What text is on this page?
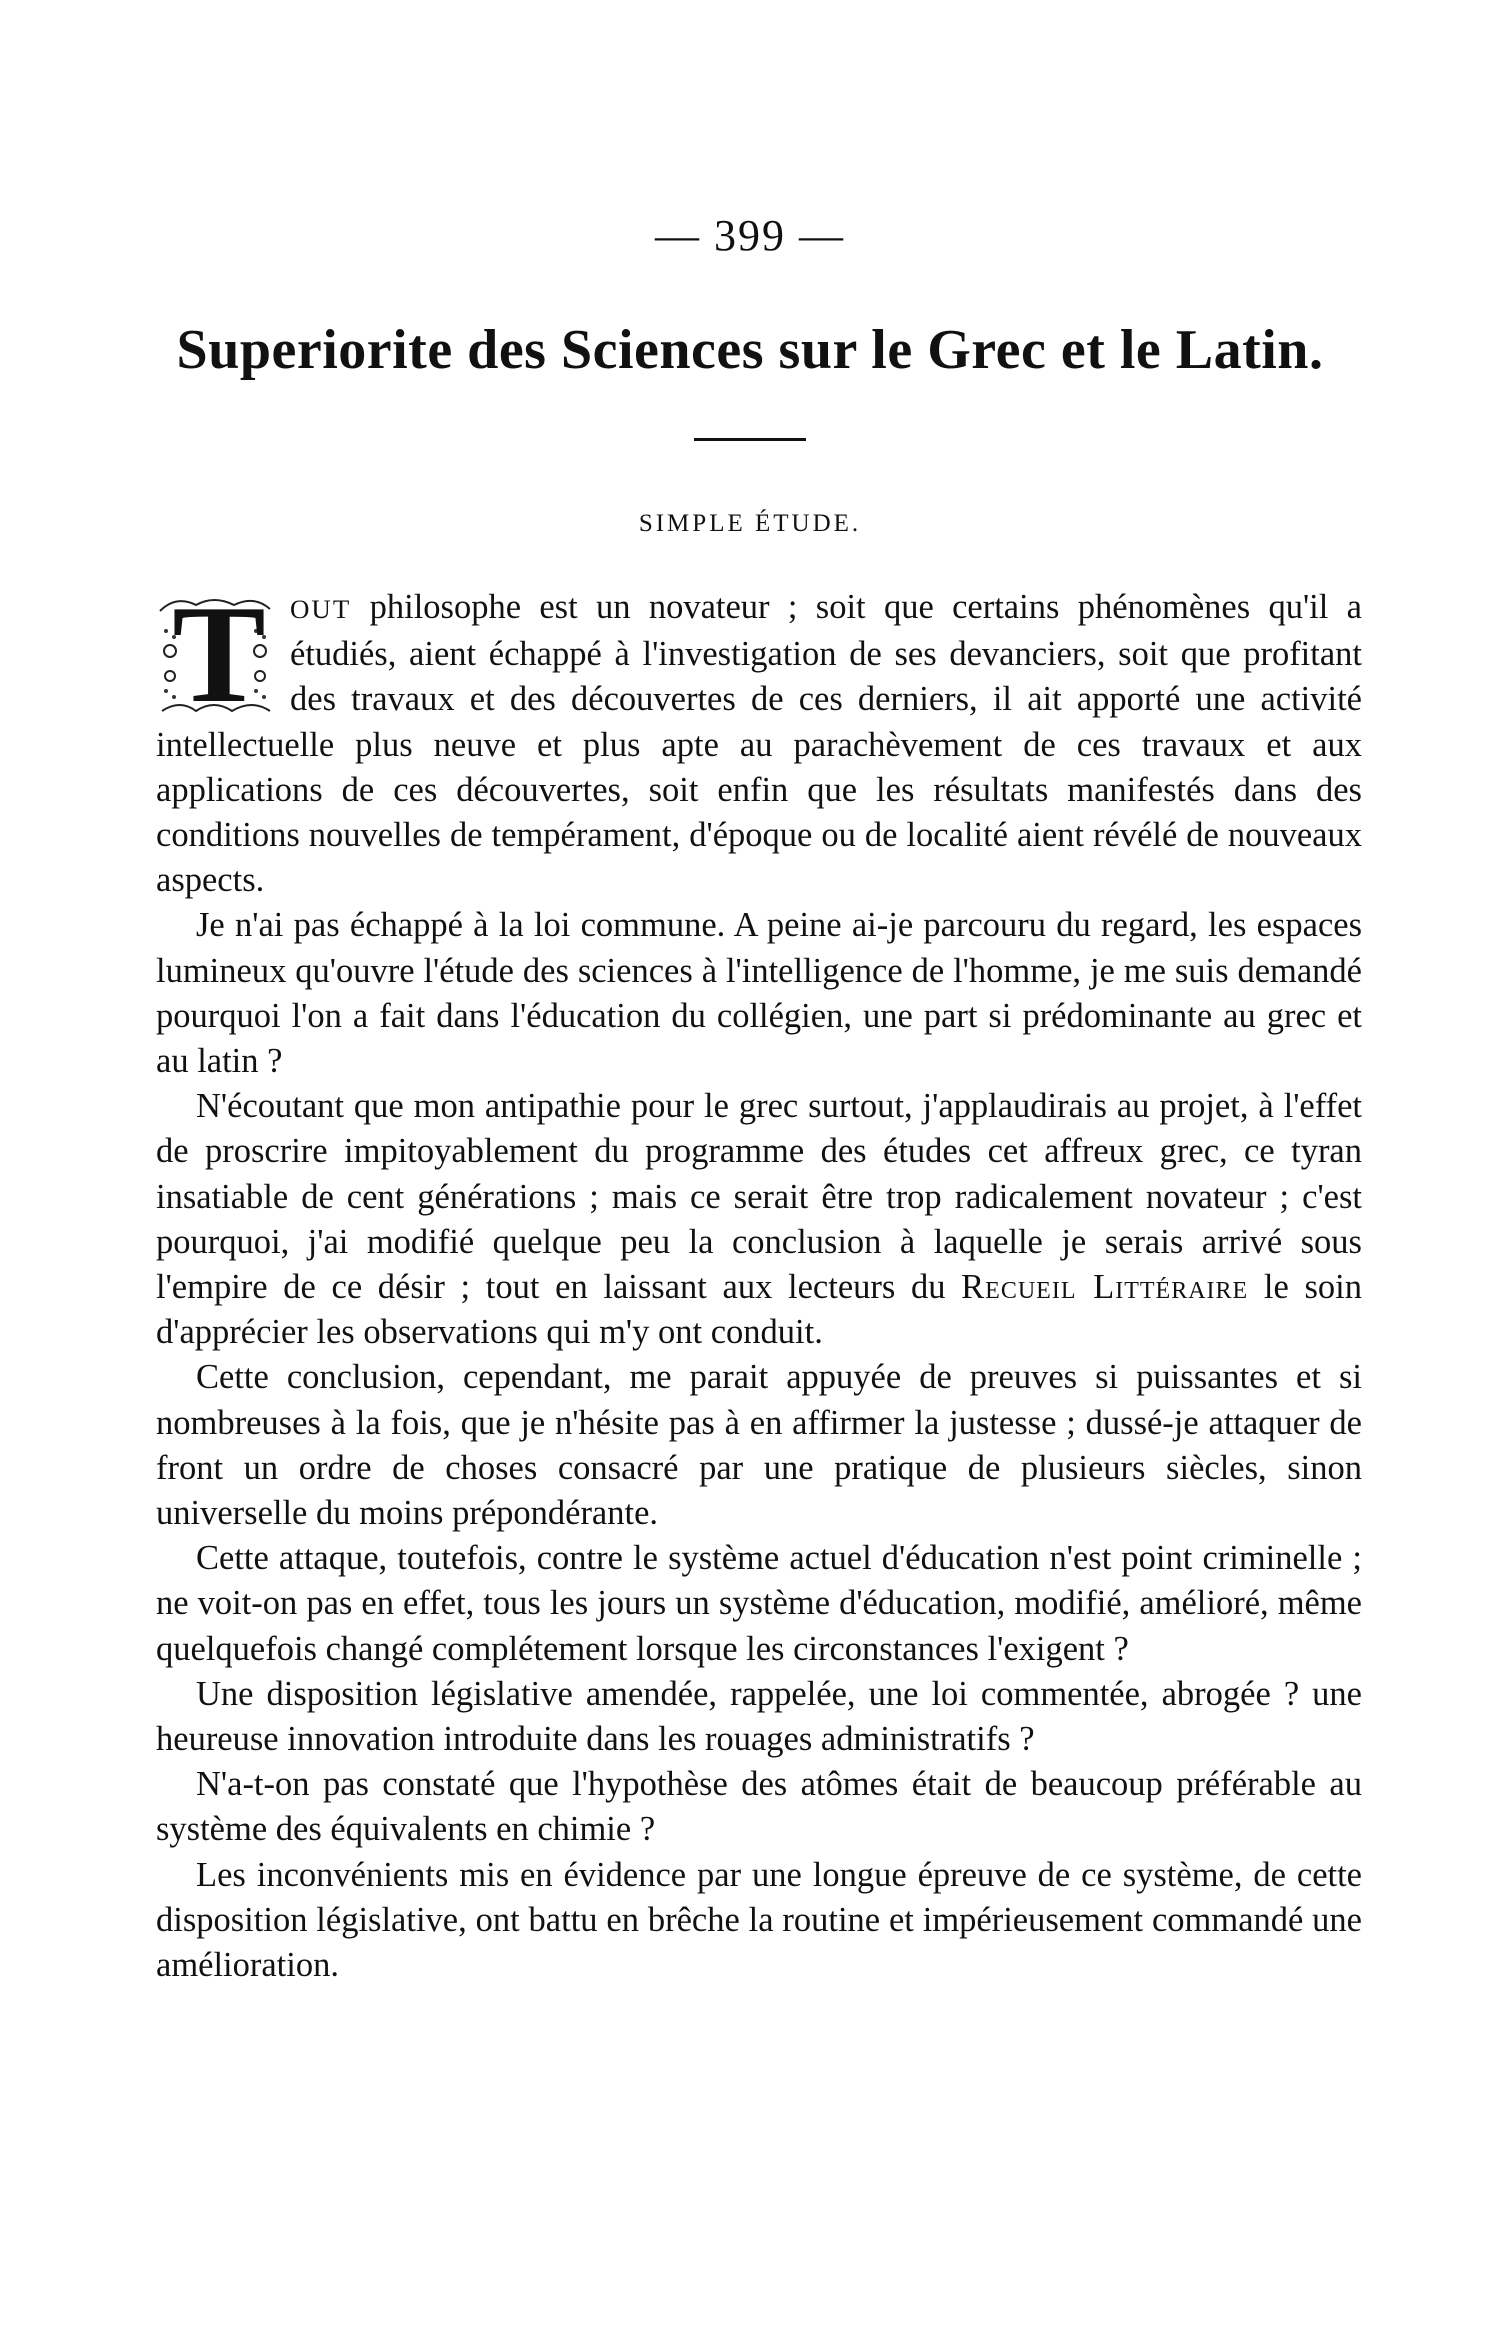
— 399 —
Superiorite des Sciences sur le Grec et le Latin.
SIMPLE ÉTUDE.

T OUT philosophe est un novateur ; soit que certains phénomènes qu'il a étudiés, aient échappé à l'investigation de ses devanciers, soit que profitant des travaux et des découvertes de ces derniers, il ait apporté une activité intellectuelle plus neuve et plus apte au parachèvement de ces travaux et aux applications de ces découvertes, soit enfin que les résultats manifestés dans des conditions nouvelles de tempérament, d'époque ou de localité aient révélé de nouveaux aspects.

Je n'ai pas échappé à la loi commune. A peine ai-je parcouru du regard, les espaces lumineux qu'ouvre l'étude des sciences à l'intelligence de l'homme, je me suis demandé pourquoi l'on a fait dans l'éducation du collégien, une part si prédominante au grec et au latin ?

N'écoutant que mon antipathie pour le grec surtout, j'applaudirais au projet, à l'effet de proscrire impitoyablement du programme des études cet affreux grec, ce tyran insatiable de cent générations ; mais ce serait être trop radicalement novateur ; c'est pourquoi, j'ai modifié quelque peu la conclusion à laquelle je serais arrivé sous l'empire de ce désir ; tout en laissant aux lecteurs du Recueil Littéraire le soin d'apprécier les observations qui m'y ont conduit.

Cette conclusion, cependant, me parait appuyée de preuves si puissantes et si nombreuses à la fois, que je n'hésite pas à en affirmer la justesse ; dussé-je attaquer de front un ordre de choses consacré par une pratique de plusieurs siècles, sinon universelle du moins prépondérante.

Cette attaque, toutefois, contre le système actuel d'éducation n'est point criminelle ; ne voit-on pas en effet, tous les jours un système d'éducation, modifié, amélioré, même quelquefois changé complétement lorsque les circonstances l'exigent ?

Une disposition législative amendée, rappelée, une loi commentée, abrogée ? une heureuse innovation introduite dans les rouages administratifs ?

N'a-t-on pas constaté que l'hypothèse des atômes était de beaucoup préférable au système des équivalents en chimie ?

Les inconvénients mis en évidence par une longue épreuve de ce système, de cette disposition législative, ont battu en brêche la routine et impérieusement commandé une amélioration.
